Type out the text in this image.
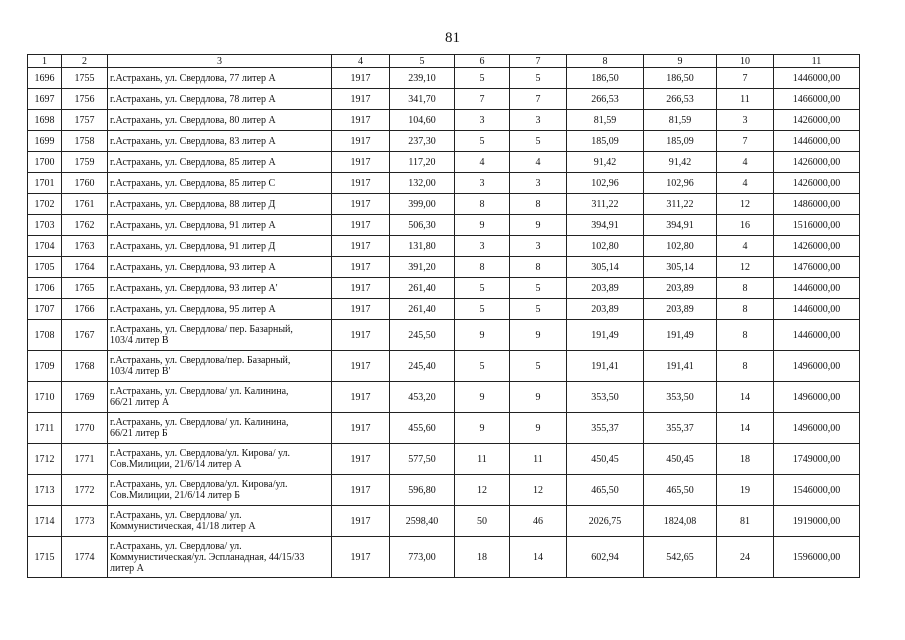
81
1	2	3	4	5	6	7	8	9	10	11
1696	1755	г.Астрахань, ул. Свердлова, 77 литер А	1917	239,10	5	5	186,50	186,50	7	1446000,00
1697	1756	г.Астрахань, ул. Свердлова, 78 литер А	1917	341,70	7	7	266,53	266,53	11	1466000,00
1698	1757	г.Астрахань, ул. Свердлова, 80 литер А	1917	104,60	3	3	81,59	81,59	3	1426000,00
1699	1758	г.Астрахань, ул. Свердлова, 83 литер А	1917	237,30	5	5	185,09	185,09	7	1446000,00
1700	1759	г.Астрахань, ул. Свердлова, 85 литер А	1917	117,20	4	4	91,42	91,42	4	1426000,00
1701	1760	г.Астрахань, ул. Свердлова, 85 литер С	1917	132,00	3	3	102,96	102,96	4	1426000,00
1702	1761	г.Астрахань, ул. Свердлова, 88 литер Д	1917	399,00	8	8	311,22	311,22	12	1486000,00
1703	1762	г.Астрахань, ул. Свердлова, 91 литер А	1917	506,30	9	9	394,91	394,91	16	1516000,00
1704	1763	г.Астрахань, ул. Свердлова, 91 литер Д	1917	131,80	3	3	102,80	102,80	4	1426000,00
1705	1764	г.Астрахань, ул. Свердлова, 93 литер А	1917	391,20	8	8	305,14	305,14	12	1476000,00
1706	1765	г.Астрахань, ул. Свердлова, 93 литер А'	1917	261,40	5	5	203,89	203,89	8	1446000,00
1707	1766	г.Астрахань, ул. Свердлова, 95 литер А	1917	261,40	5	5	203,89	203,89	8	1446000,00
1708	1767	г.Астрахань, ул. Свердлова/ пер. Базарный,
103/4 литер В	1917	245,50	9	9	191,49	191,49	8	1446000,00
1709	1768	г.Астрахань, ул. Свердлова/пер. Базарный,
103/4 литер В'	1917	245,40	5	5	191,41	191,41	8	1496000,00
1710	1769	г.Астрахань, ул. Свердлова/ ул. Калинина,
66/21 литер А	1917	453,20	9	9	353,50	353,50	14	1496000,00
1711	1770	г.Астрахань, ул. Свердлова/ ул. Калинина,
66/21 литер Б	1917	455,60	9	9	355,37	355,37	14	1496000,00
1712	1771	г.Астрахань, ул. Свердлова/ул. Кирова/ ул.
Сов.Милиции, 21/6/14 литер А	1917	577,50	11	11	450,45	450,45	18	1749000,00
1713	1772	г.Астрахань, ул. Свердлова/ул. Кирова/ул.
Сов.Милиции, 21/6/14 литер Б	1917	596,80	12	12	465,50	465,50	19	1546000,00
1714	1773	г.Астрахань, ул. Свердлова/ ул.
Коммунистическая, 41/18 литер А	1917	2598,40	50	46	2026,75	1824,08	81	1919000,00
1715	1774	г.Астрахань, ул. Свердлова/ ул.
Коммунистическая/ул. Эспланадная, 44/15/33
литер А	1917	773,00	18	14	602,94	542,65	24	1596000,00
